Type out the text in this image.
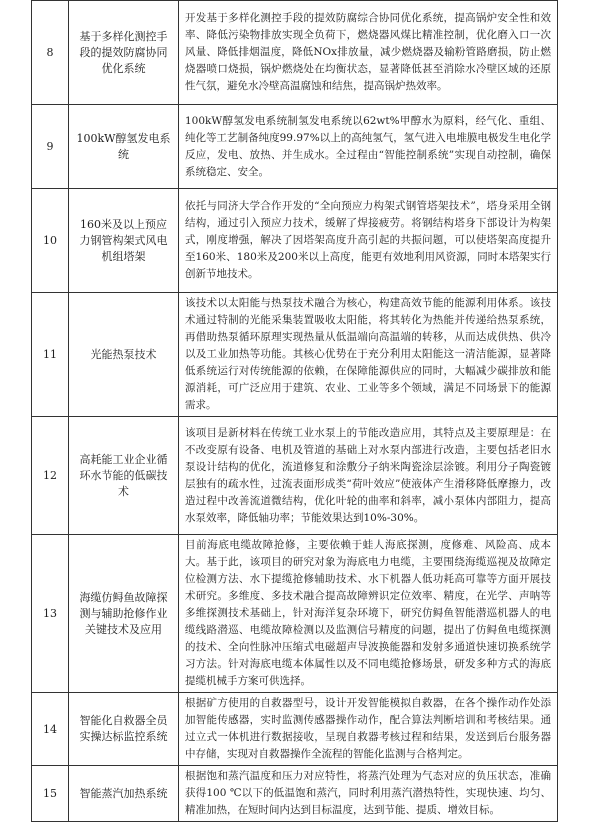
8	基于多样化测控手段的提效防腐协同优化系统	开发基于多样化测控手段的提效防腐综合协同优化系统，提高锅炉安全性和效率、降低污染物排放实现全负荷下，燃烧器风煤比精准控制，优化磨入口一次风量、降低排烟温度，降低NOx排放量，减少燃烧器及输粉管路磨损，防止燃烧器喷口烧损，锅炉燃烧处在均衡状态，显著降低甚至消除水冷壁区域的还原性气氛，避免水冷壁高温腐蚀和结焦，提高锅炉热效率。
9	100kW醇氢发电系统	100kW醇氢发电系统制氢发电系统以62wt%甲醇水为原料，经气化、重组、纯化等工艺制备纯度99.97%以上的高纯氢气，氢气进入电堆膜电极发生电化学反应，发电、放热、并生成水。全过程由“智能控制系统”实现自动控制，确保系统稳定、安全。
10	160米及以上预应力钢管构架式风电机组塔架	依托与同济大学合作开发的“全向预应力构架式钢管塔架技术”，塔身采用全钢结构，通过引入预应力技术，缓解了焊接疲劳。将钢结构塔身下部设计为构架式，刚度增强，解决了因塔架高度升高引起的共振问题，可以使塔架高度提升至160米、180米及200米以上高度，能更有效地利用风资源，同时本塔架实行创新节地技术。
11	光能热泵技术	该技术以太阳能与热泵技术融合为核心，构建高效节能的能源利用体系。该技术通过特制的光能采集装置吸收太阳能，将其转化为热能并传递给热泵系统，再借助热泵循环原理实现热量从低温端向高温端的转移，从而达成供热、供冷以及工业加热等功能。其核心优势在于充分利用太阳能这一清洁能源，显著降低系统运行对传统能源的依赖，在保障能源供应的同时，大幅减少碳排放和能源消耗，可广泛应用于建筑、农业、工业等多个领域，满足不同场景下的能源需求。
12	高耗能工业企业循环水节能的低碳技术	该项目是新材料在传统工业水泵上的节能改造应用，其特点及主要原理是：在不改变原有设备、电机及管道的基础上对水泵内部进行改造，主要包括老旧水泵设计结构的优化，流道修复和涂敷分子纳米陶瓷涂层涂镀。利用分子陶瓷镀层独有的疏水性，过流表面形成类“荷叶效应”使液体产生滑移降低摩擦力，改造过程中改善流道微结构，优化叶轮的曲率和斜率，减小泵体内部阻力，提高水泵效率，降低轴功率；节能效果达到10%-30%。
13	海缆仿鲟鱼故障探测与辅助抢修作业关键技术及应用	目前海底电缆故障抢修，主要依赖于蛙人海底探测，度修难、风险高、成本大。基于此，该项目的研究对象为海底电力电缆，主要围绕海缆巡视及故障定位检测方法、水下提缆抢修辅助技术、水下机器人低功耗高可靠等方面开展技术研究。多维度、多技术融合提高故障辨识定位效率、精度，在光学、声呐等多维探测技术基础上，针对海洋复杂环境下，研究仿鲟鱼智能潜巡机器人的电缆线路潜巡、电缆故障检测以及监测信号精度的问题，提出了仿鲟鱼电缆探测的技术、全向性脉冲压缩式电磁超声导波换能器和发射多通道快速切换系统学习方法。针对海底电缆本体属性以及不同电缆抢修场景，研发多种方式的海底提缆机械手方案可供选择。
14	智能化自救器全员实操达标监控系统	根据矿方使用的自救器型号，设计开发智能模拟自救器，在各个操作动作处添加智能传感器，实时监测传感器操作动作，配合算法判断培训和考核结果。通过立式一体机进行数据接收，呈现自救器考核过程和结果，发送到后台服务器中存储，实现对自救器操作全流程的智能化监测与合格判定。
15	智能蒸汽加热系统	根据饱和蒸汽温度和压力对应特性，将蒸汽处理为气态对应的负压状态，准确获得100 ℃以下的低温饱和蒸汽，同时利用蒸汽潜热特性，实现快速、均匀、精准加热，在短时间内达到目标温度，达到节能、提质、增效目标。
